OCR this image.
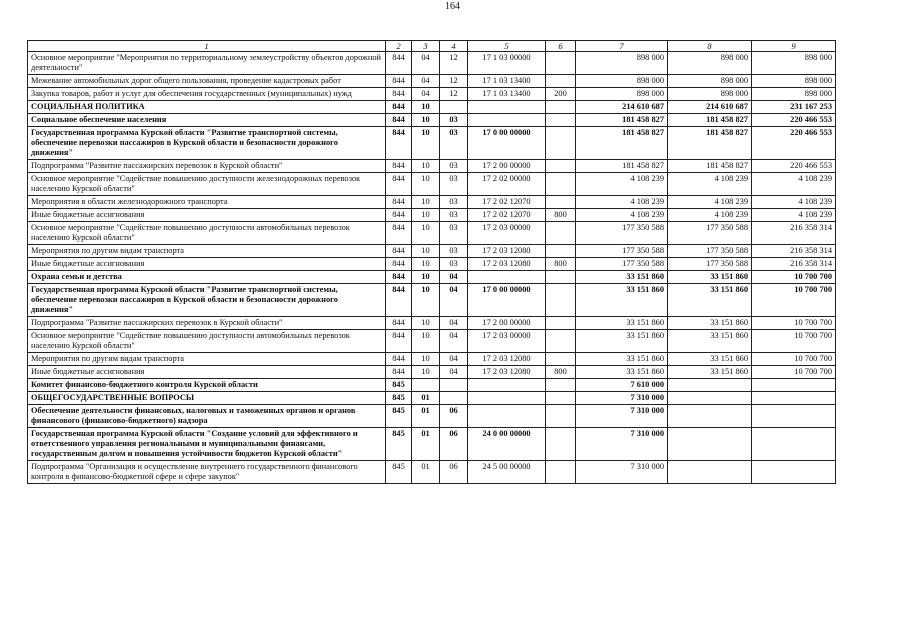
164
1	2	3	4	5	6	7	8	9
Основное мероприятие "Мероприятия по территориальному землеустройству объектов дорожной деятельности"	844	04	12	17 1 03 00000		898 000	898 000	898 000
Межевание автомобильных дорог общего пользования, проведение кадастровых работ	844	04	12	17 1 03 13400		898 000	898 000	898 000
Закупка товаров, работ и услуг для обеспечения государственных (муниципальных) нужд	844	04	12	17 1 03 13400	200	898 000	898 000	898 000
СОЦИАЛЬНАЯ ПОЛИТИКА	844	10				214 610 687	214 610 687	231 167 253
Социальное обеспечение населения	844	10	03			181 458 827	181 458 827	220 466 553
Государственная программа Курской области "Развитие транспортной системы, обеспечение перевозки пассажиров в Курской области и безопасности дорожного движения"	844	10	03	17 0 00 00000		181 458 827	181 458 827	220 466 553
Подпрограмма "Развитие пассажирских перевозок в Курской области"	844	10	03	17 2 00 00000		181 458 827	181 458 827	220 466 553
Основное мероприятие "Содействие повышению доступности железнодорожных перевозок населению Курской области"	844	10	03	17 2 02 00000		4 108 239	4 108 239	4 108 239
Мероприятия в области железнодорожного транспорта	844	10	03	17 2 02 12070		4 108 239	4 108 239	4 108 239
Иные бюджетные ассигнования	844	10	03	17 2 02 12070	800	4 108 239	4 108 239	4 108 239
Основное мероприятие "Содействие повышению доступности автомобильных перевозок населению Курской области"	844	10	03	17 2 03 00000		177 350 588	177 350 588	216 358 314
Мероприятия по другим видам транспорта	844	10	03	17 2 03 12080		177 350 588	177 350 588	216 358 314
Иные бюджетные ассигнования	844	10	03	17 2 03 12080	800	177 350 588	177 350 588	216 358 314
Охрана семьи и детства	844	10	04			33 151 860	33 151 860	10 700 700
Государственная программа Курской области "Развитие транспортной системы, обеспечение перевозки пассажиров в Курской области и безопасности дорожного движения"	844	10	04	17 0 00 00000		33 151 860	33 151 860	10 700 700
Подпрограмма "Развитие пассажирских перевозок в Курской области"	844	10	04	17 2 00 00000		33 151 860	33 151 860	10 700 700
Основное мероприятие "Содействие повышению доступности автомобильных перевозок населению Курской области"	844	10	04	17 2 03 00000		33 151 860	33 151 860	10 700 700
Мероприятия по другим видам транспорта	844	10	04	17 2 03 12080		33 151 860	33 151 860	10 700 700
Иные бюджетные ассигнования	844	10	04	17 2 03 12080	800	33 151 860	33 151 860	10 700 700
Комитет финансово-бюджетного контроля Курской области	845					7 610 000		
ОБЩЕГОСУДАРСТВЕННЫЕ ВОПРОСЫ	845	01				7 310 000		
Обеспечение деятельности финансовых, налоговых и таможенных органов и органов финансового (финансово-бюджетного) надзора	845	01	06			7 310 000		
Государственная программа Курской области "Создание условий для эффективного и ответственного управления региональными и муниципальными финансами, государственным долгом и повышения устойчивости бюджетов Курской области"	845	01	06	24 0 00 00000		7 310 000		
Подпрограмма "Организация и осуществление внутреннего государственного финансового контроля в финансово-бюджетной сфере и сфере закупок"	845	01	06	24 5 00 00000		7 310 000		
